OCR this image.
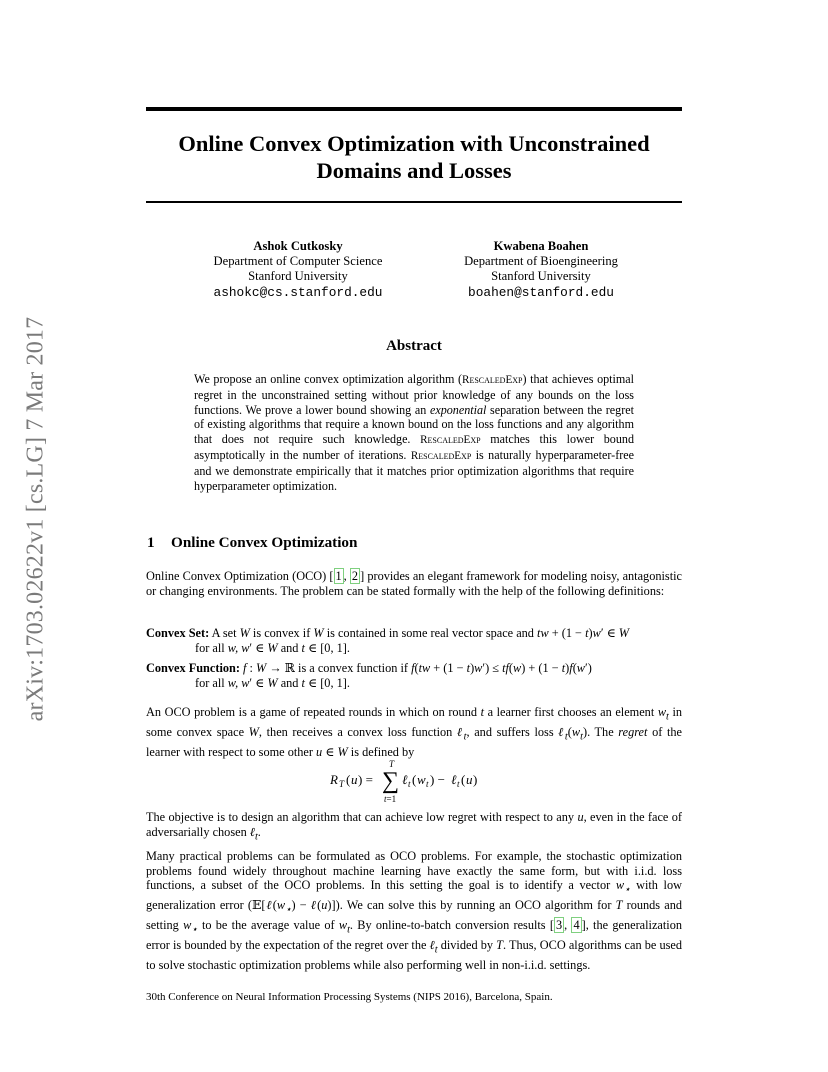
arXiv:1703.02622v1 [cs.LG] 7 Mar 2017
Online Convex Optimization with Unconstrained Domains and Losses
Ashok Cutkosky
Department of Computer Science
Stanford University
ashokc@cs.stanford.edu
Kwabena Boahen
Department of Bioengineering
Stanford University
boahen@stanford.edu
Abstract
We propose an online convex optimization algorithm (RescaledExp) that achieves optimal regret in the unconstrained setting without prior knowledge of any bounds on the loss functions. We prove a lower bound showing an exponential separation between the regret of existing algorithms that require a known bound on the loss functions and any algorithm that does not require such knowledge. RescaledExp matches this lower bound asymptotically in the number of iterations. RescaledExp is naturally hyperparameter-free and we demonstrate empirically that it matches prior optimization algorithms that require hyperparameter optimization.
1 Online Convex Optimization
Online Convex Optimization (OCO) [ 1 , 2 ] provides an elegant framework for modeling noisy, antagonistic or changing environments. The problem can be stated formally with the help of the following definitions:
Convex Set: A set W is convex if W is contained in some real vector space and tw + (1 − t)w′ ∈ W
for all w, w′ ∈ W and t ∈ [0, 1].
Convex Function: f : W → ℝ is a convex function if f(tw + (1 − t)w′) ≤ tf(w) + (1 − t)f(w′)
for all w, w′ ∈ W and t ∈ [0, 1].
An OCO problem is a game of repeated rounds in which on round t a learner first chooses an element $w_t$ in some convex space W, then receives a convex loss function ℓ$_t$, and suffers loss $\ell_t(w_t)$. The regret of the learner with respect to some other u ∈ W is defined by
R T ( u ) =
T
∑
t=1
ℓ t ( w t ) − ℓ t ( u )
The objective is to design an algorithm that can achieve low regret with respect to any u, even in the face of adversarially chosen ℓ$_t$.
Many practical problems can be formulated as OCO problems. For example, the stochastic optimization problems found widely throughout machine learning have exactly the same form, but with i.i.d. loss functions, a subset of the OCO problems. In this setting the goal is to identify a vector $w_⋆$ with low generalization error ($𝔼[\ell(w_⋆)$ − ℓ(u)]). We can solve this by running an OCO algorithm for T rounds and setting $w_⋆$ to be the average value of $w_t$. By online-to-batch conversion results [ 3 , 4 ], the generalization error is bounded by the expectation of the regret over the ℓ$_t$ divided by T. Thus, OCO algorithms can be used to solve stochastic optimization problems while also performing well in non-i.i.d. settings.
30th Conference on Neural Information Processing Systems (NIPS 2016), Barcelona, Spain.
